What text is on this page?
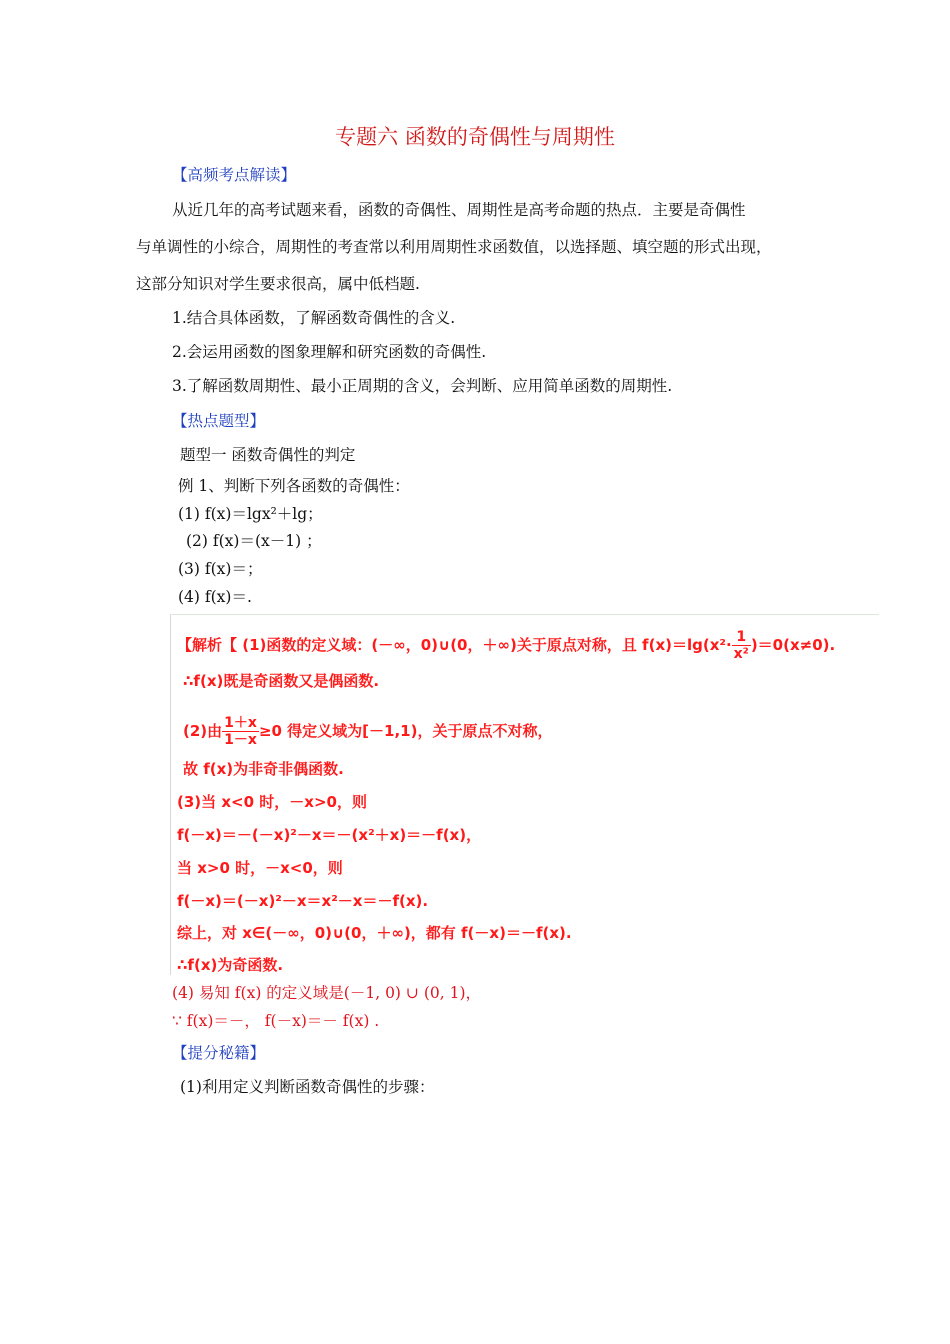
专题六 函数的奇偶性与周期性
【高频考点解读】
从近几年的高考试题来看，函数的奇偶性、周期性是高考命题的热点．主要是奇偶性
与单调性的小综合，周期性的考查常以利用周期性求函数值，以选择题、填空题的形式出现，
这部分知识对学生要求很高，属中低档题.
1.结合具体函数，了解函数奇偶性的含义.
2.会运用函数的图象理解和研究函数的奇偶性.
3.了解函数周期性、最小正周期的含义，会判断、应用简单函数的周期性.
【热点题型】
题型一 函数奇偶性的判定
例 1、判断下列各函数的奇偶性：
(1) f(x)＝lgx²＋lg；
(2) f(x)＝(x－1) ；
(3) f(x)＝；
(4) f(x)＝.
【解析【 (1)函数的定义域：(－∞，0)∪(0，＋∞)关于原点对称，且 $f(x)=\lg(x^2\cdot \frac{1}{\text{x²}} )=0(x\ne 0)$.
∴f(x)既是奇函数又是偶函数.
(2)由 $\frac{1+x}{1-x} \ge 0$ 得定义域为[－1,1)，关于原点不对称，
故 f(x)为非奇非偶函数.
(3)当 x<0 时，－x>0，则
f(－x)＝－(－x)²－x＝－(x²＋x)＝－f(x)，
当 x>0 时，－x<0，则
f(－x)＝(－x)²－x＝x²－x＝－f(x).
综上，对 x∈(－∞，0)∪(0，＋∞)，都有 f(－x)＝－f(x).
∴f(x)为奇函数.
(4) 易知 f(x) 的定义域是(－1, 0) ∪ (0, 1)，
∵ f(x)＝－， f(－x)＝－ f(x) .
【提分秘籍】
(1)利用定义判断函数奇偶性的步骤：
